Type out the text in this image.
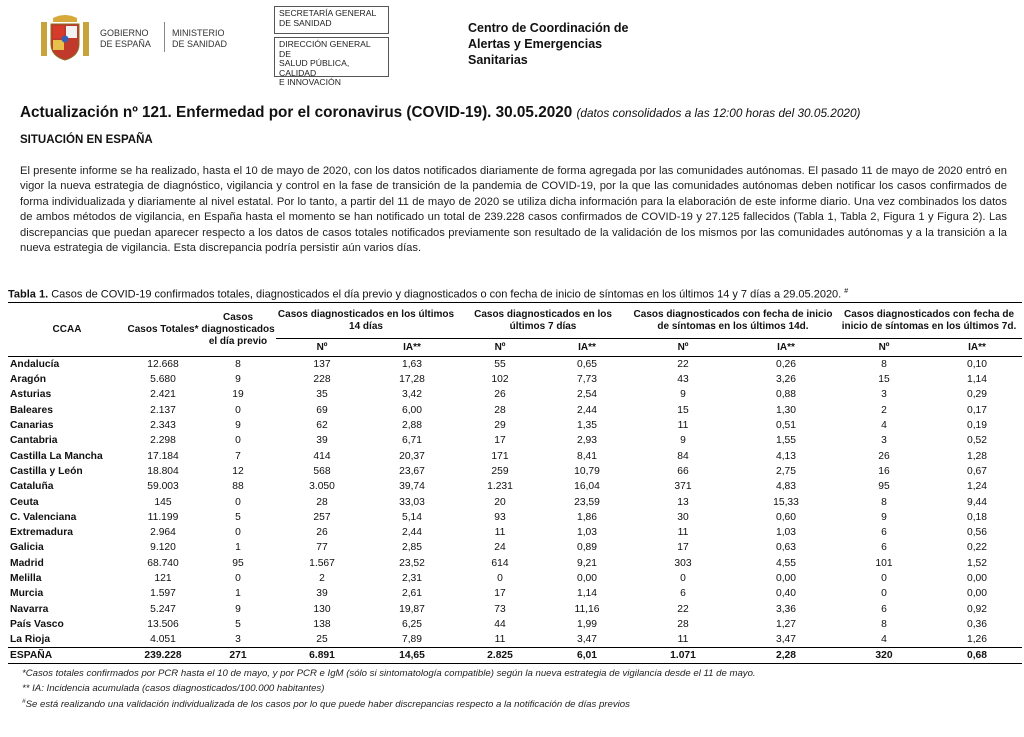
GOBIERNO
DE ESPAÑA
MINISTERIO
DE SANIDAD
SECRETARÍA GENERAL
DE SANIDAD
DIRECCIÓN GENERAL DE
SALUD PÚBLICA, CALIDAD
E INNOVACIÓN
Centro de Coordinación de
Alertas y Emergencias
Sanitarias
Actualización nº 121. Enfermedad por el coronavirus (COVID-19). 30.05.2020 (datos consolidados a las 12:00 horas del 30.05.2020)
SITUACIÓN EN ESPAÑA
El presente informe se ha realizado, hasta el 10 de mayo de 2020, con los datos notificados diariamente de forma agregada por las comunidades autónomas. El pasado 11 de mayo de 2020 entró en vigor la nueva estrategia de diagnóstico, vigilancia y control en la fase de transición de la pandemia de COVID-19, por la que las comunidades autónomas deben notificar los casos confirmados de forma individualizada y diariamente al nivel estatal. Por lo tanto, a partir del 11 de mayo de 2020 se utiliza dicha información para la elaboración de este informe diario. Una vez combinados los datos de ambos métodos de vigilancia, en España hasta el momento se han notificado un total de 239.228 casos confirmados de COVID-19 y 27.125 fallecidos (Tabla 1, Tabla 2, Figura 1 y Figura 2). Las discrepancias que puedan aparecer respecto a los datos de casos totales notificados previamente son resultado de la validación de los mismos por las comunidades autónomas y a la transición a la nueva estrategia de vigilancia. Esta discrepancia podría persistir aún varios días.
Tabla 1. Casos de COVID-19 confirmados totales, diagnosticados el día previo y diagnosticados o con fecha de inicio de síntomas en los últimos 14 y 7 días a 29.05.2020. #
CCAA	Casos Totales*	Casos diagnosticados el día previo	Casos diagnosticados en los últimos 14 días		Casos diagnosticados en los últimos 7 días		Casos diagnosticados con fecha de inicio de síntomas en los últimos 14d.		Casos diagnosticados con fecha de inicio de síntomas en los últimos 7d.	
			Nº	IA**	Nº	IA**	Nº	IA**	Nº	IA**
Andalucía	12.668	8	137	1,63	55	0,65	22	0,26	8	0,10
Aragón	5.680	9	228	17,28	102	7,73	43	3,26	15	1,14
Asturias	2.421	19	35	3,42	26	2,54	9	0,88	3	0,29
Baleares	2.137	0	69	6,00	28	2,44	15	1,30	2	0,17
Canarias	2.343	9	62	2,88	29	1,35	11	0,51	4	0,19
Cantabria	2.298	0	39	6,71	17	2,93	9	1,55	3	0,52
Castilla La Mancha	17.184	7	414	20,37	171	8,41	84	4,13	26	1,28
Castilla y León	18.804	12	568	23,67	259	10,79	66	2,75	16	0,67
Cataluña	59.003	88	3.050	39,74	1.231	16,04	371	4,83	95	1,24
Ceuta	145	0	28	33,03	20	23,59	13	15,33	8	9,44
C. Valenciana	11.199	5	257	5,14	93	1,86	30	0,60	9	0,18
Extremadura	2.964	0	26	2,44	11	1,03	11	1,03	6	0,56
Galicia	9.120	1	77	2,85	24	0,89	17	0,63	6	0,22
Madrid	68.740	95	1.567	23,52	614	9,21	303	4,55	101	1,52
Melilla	121	0	2	2,31	0	0,00	0	0,00	0	0,00
Murcia	1.597	1	39	2,61	17	1,14	6	0,40	0	0,00
Navarra	5.247	9	130	19,87	73	11,16	22	3,36	6	0,92
País Vasco	13.506	5	138	6,25	44	1,99	28	1,27	8	0,36
La Rioja	4.051	3	25	7,89	11	3,47	11	3,47	4	1,26
ESPAÑA	239.228	271	6.891	14,65	2.825	6,01	1.071	2,28	320	0,68
*Casos totales confirmados por PCR hasta el 10 de mayo, y por PCR e IgM (sólo si sintomatología compatible) según la nueva estrategia de vigilancia desde el 11 de mayo.
** IA: Incidencia acumulada (casos diagnosticados/100.000 habitantes)
#Se está realizando una validación individualizada de los casos por lo que puede haber discrepancias respecto a la notificación de días previos
